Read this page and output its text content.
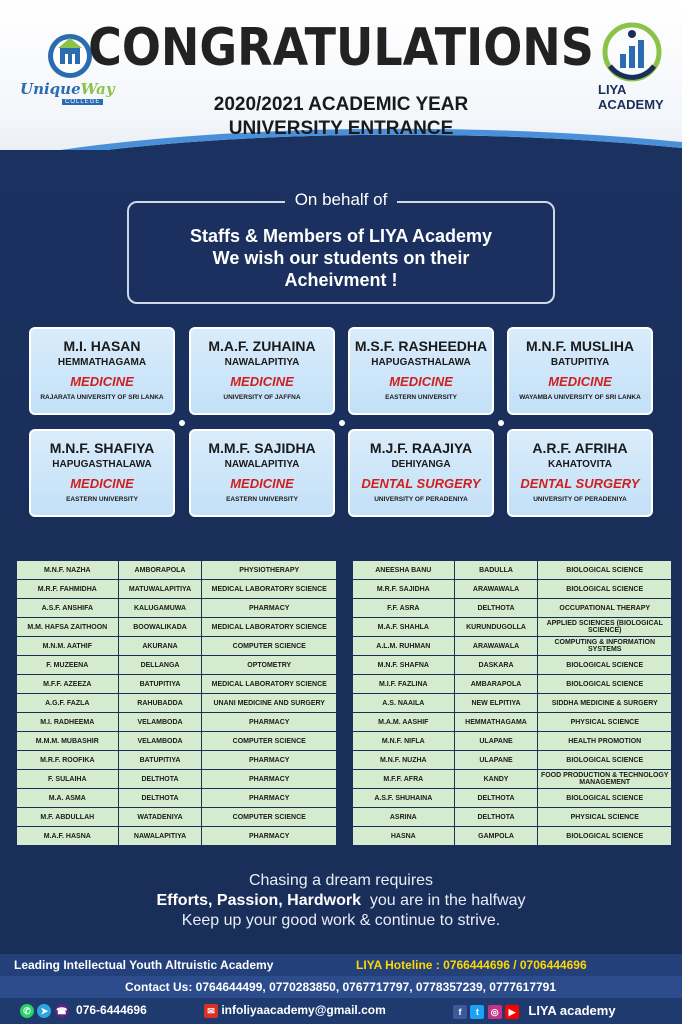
UniqueWay
COLLEGE
CONGRATULATIONS
2020/2021 ACADEMIC YEAR
UNIVERSITY ENTRANCE
LIYA ACADEMY
On behalf of
Staffs & Members of LIYA Academy
We wish our students on their
Acheivment !
M.I. HASAN
HEMMATHAGAMA
MEDICINE
RAJARATA UNIVERSITY OF SRI LANKA
M.A.F. ZUHAINA
NAWALAPITIYA
MEDICINE
UNIVERSITY OF JAFFNA
M.S.F. RASHEEDHA
HAPUGASTHALAWA
MEDICINE
EASTERN UNIVERSITY
M.N.F. MUSLIHA
BATUPITIYA
MEDICINE
WAYAMBA UNIVERSITY OF SRI LANKA
M.N.F. SHAFIYA
HAPUGASTHALAWA
MEDICINE
EASTERN UNIVERSITY
M.M.F. SAJIDHA
NAWALAPITIYA
MEDICINE
EASTERN UNIVERSITY
M.J.F. RAAJIYA
DEHIYANGA
DENTAL SURGERY
UNIVERSITY OF PERADENIYA
A.R.F. AFRIHA
KAHATOVITA
DENTAL SURGERY
UNIVERSITY OF PERADENIYA
M.N.F. NAZHA	AMBORAPOLA	PHYSIOTHERAPY
M.R.F. FAHMIDHA	MATUWALAPITIYA	MEDICAL LABORATORY SCIENCE
A.S.F. ANSHIFA	KALUGAMUWA	PHARMACY
M.M. HAFSA ZAITHOON	BOOWALIKADA	MEDICAL LABORATORY SCIENCE
M.N.M. AATHIF	AKURANA	COMPUTER SCIENCE
F. MUZEENA	DELLANGA	OPTOMETRY
M.F.F. AZEEZA	BATUPITIYA	MEDICAL LABORATORY SCIENCE
A.G.F. FAZLA	RAHUBADDA	UNANI MEDICINE AND SURGERY
M.I. RADHEEMA	VELAMBODA	PHARMACY
M.M.M. MUBASHIR	VELAMBODA	COMPUTER SCIENCE
M.R.F. ROOFIKA	BATUPITIYA	PHARMACY
F. SULAIHA	DELTHOTA	PHARMACY
M.A. ASMA	DELTHOTA	PHARMACY
M.F. ABDULLAH	WATADENIYA	COMPUTER SCIENCE
M.A.F. HASNA	NAWALAPITIYA	PHARMACY
ANEESHA BANU	BADULLA	BIOLOGICAL SCIENCE
M.R.F. SAJIDHA	ARAWAWALA	BIOLOGICAL SCIENCE
F.F. ASRA	DELTHOTA	OCCUPATIONAL THERAPY
M.A.F. SHAHLA	KURUNDUGOLLA	APPLIED SCIENCES (BIOLOGICAL SCIENCE)
A.L.M. RUHMAN	ARAWAWALA	COMPUTING & INFORMATION SYSTEMS
M.N.F. SHAFNA	DASKARA	BIOLOGICAL SCIENCE
M.I.F. FAZLINA	AMBARAPOLA	BIOLOGICAL SCIENCE
A.S. NAAILA	NEW ELPITIYA	SIDDHA MEDICINE & SURGERY
M.A.M. AASHIF	HEMMATHAGAMA	PHYSICAL SCIENCE
M.N.F. NIFLA	ULAPANE	HEALTH PROMOTION
M.N.F. NUZHA	ULAPANE	BIOLOGICAL SCIENCE
M.F.F. AFRA	KANDY	FOOD PRODUCTION & TECHNOLOGY MANAGEMENT
A.S.F. SHUHAINA	DELTHOTA	BIOLOGICAL SCIENCE
ASRINA	DELTHOTA	PHYSICAL SCIENCE
HASNA	GAMPOLA	BIOLOGICAL SCIENCE
Chasing a dream requires
Efforts, Passion, Hardwork you are in the halfway
Keep up your good work & continue to strive.
Leading Intellectual Youth Altruistic Academy	LIYA Hoteline : 0766444696 / 0706444696
Contact Us: 0764644499, 0770283850, 0767717797, 0778357239, 0777617791
✆ ➤ ☎ 076-6444696	✉ infoliyaacademy@gmail.com	f t ◎ ▶ LIYA academy
